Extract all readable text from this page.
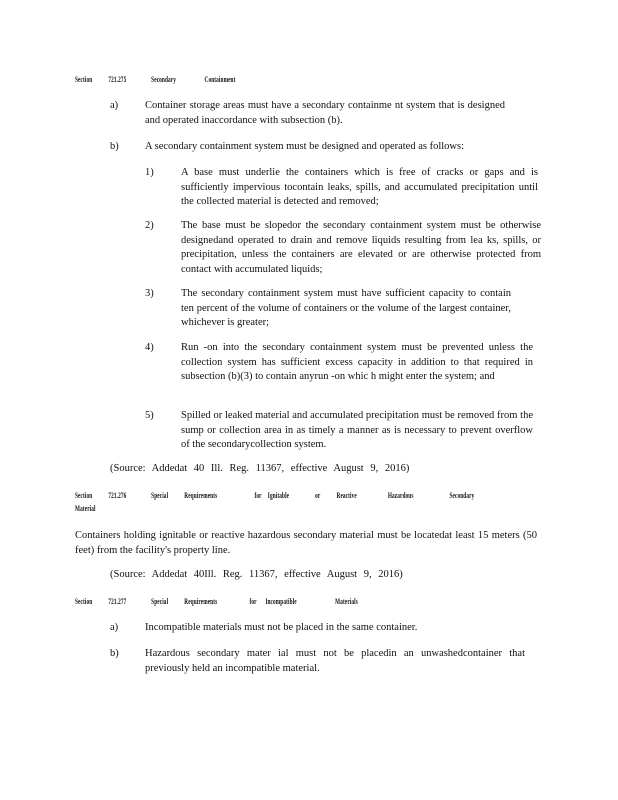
Section 721.275	Secondary	Containment
a)	Container storage areas must have a secondary containme nt system that is designed and operated inaccordance with subsection (b).
b)	A secondary containment system must be designed and operated as follows:
1)	A base must underlie the containers which is free of cracks or gaps and is sufficiently impervious tocontain leaks, spills, and accumulated precipitation until the collected material is detected and removed;
2)	The base must be slopedor the secondary containment system must be otherwise designedand operated to drain and remove liquids resulting from lea ks, spills, or precipitation, unless the containers are elevated or are otherwise protected from contact with accumulated liquids;
3)	The secondary containment system must have sufficient capacity to contain ten percent of the volume of containers or the volume of the largest container, whichever is greater;
4)	Run -on into the secondary containment system must be prevented unless the collection system has sufficient excess capacity in addition to that required in subsection (b)(3) to contain anyrun -on whic h might enter the system; and
5)	Spilled or leaked material and accumulated precipitation must be removed from the sump or collection area in as timely a manner as is necessary to prevent overflow of the secondarycollection system.
(Source: Addedat 40 Ill. Reg. 11367, effective August 9, 2016)
Section 721.276	Special Requirements	for Ignitable	or Reactive	Hazardous	Secondary
Material
Containers holding ignitable or reactive hazardous secondary material must be locatedat least 15 meters (50 feet) from the facility's property line.
(Source: Addedat 40Ill. Reg. 11367, effective August 9, 2016)
Section 721.277	Special Requirements	for Incompatible	Materials
a)	Incompatible materials must not be placed in the same container.
b)	Hazardous secondary mater ial must not be placedin an unwashedcontainer that previously held an incompatible material.
